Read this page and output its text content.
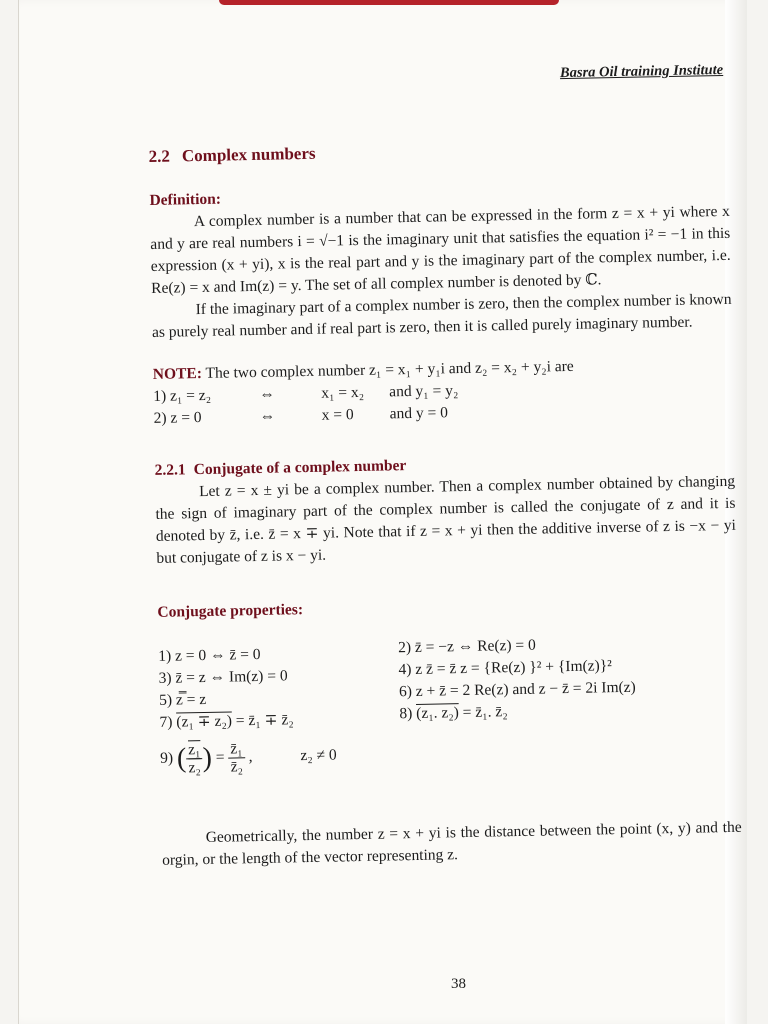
Basra Oil training Institute
2.2 Complex numbers
Definition:

A complex number is a number that can be expressed in the form z = x + yi where x and y are real numbers i = √−1 is the imaginary unit that satisfies the equation i² = −1 in this expression (x + yi), x is the real part and y is the imaginary part of the complex number, i.e. Re(z) = x and Im(z) = y. The set of all complex number is denoted by ℂ.

If the imaginary part of a complex number is zero, then the complex number is known as purely real number and if real part is zero, then it is called purely imaginary number.

NOTE: The two complex number z₁ = x₁ + y₁i and z₂ = x₂ + y₂i are
1) z₁ = z₂	⇔	x₁ = x₂	and y₁ = y₂
2) z = 0	⇔	x = 0	and y = 0
2.2.1 Conjugate of a complex number

Let z = x ± yi be a complex number. Then a complex number obtained by changing the sign of imaginary part of the complex number is called the conjugate of z and it is denoted by z̄, i.e. z̄ = x ∓ yi. Note that if z = x + yi then the additive inverse of z is −x − yi but conjugate of z is x − yi.

Conjugate properties:
1) z = 0 ⇔ z̄ = 0	2) z̄ = −z ⇔ Re(z) = 0
3) z̄ = z ⇔ Im(z) = 0	4) z z̄ = z̄ z = {Re(z) }² + {Im(z)}²
5) z̿ = z	6) z + z̄ = 2 Re(z) and z − z̄ = 2i Im(z)
7) (z₁ ∓ z₂) = z̄₁ ∓ z̄₂	8) (z₁. z₂) = z̄₁. z̄₂
9) ( $\frac{\text{z₁}}{\text{z₂}}$ ) = $\frac{\text{z̄₁}}{\text{z̄₂}}$ ,	z₂ ≠ 0

Geometrically, the number z = x + yi is the distance between the point (x, y) and the orgin, or the length of the vector representing z.

38
